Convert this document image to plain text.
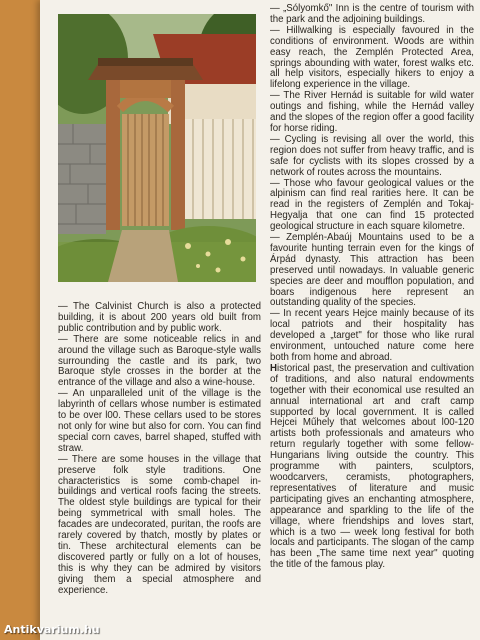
— The Calvinist Church is also a protected building, it is about 200 years old built from public contribution and by public work.

— There are some noticeable relics in and around the village such as Baroque-style walls surrounding the castle and its park, two Baroque style crosses in the border at the entrance of the village and also a wine-house.

— An unparalleled unit of the village is the labyrinth of cellars whose number is estimated to be over l00. These cellars used to be stores not only for wine but also for corn. You can find special corn caves, barrel shaped, stuffed with straw.

— There are some houses in the village that preserve folk style traditions. One characteristics is some comb-chapel in-buildings and vertical roofs facing the streets. The oldest style buildings are typical for their being symmetrical with small holes. The facades are undecorated, puritan, the roofs are rarely covered by thatch, mostly by plates or tin. These architectural elements can be discovered partly or fully on a lot of houses, this is why they can be admired by visitors giving them a special atmosphere and experience.

— „Sólyomkő" Inn is the centre of tourism with the park and the adjoining buildings.

— Hillwalking is especially favoured in the conditions of environment. Woods are within easy reach, the Zemplén Protected Area, springs abounding with water, forest walks etc. all help visitors, especially hikers to enjoy a lifelong experience in the village.

— The River Hernád is suitable for wild water outings and fishing, while the Hernád valley and the slopes of the region offer a good facility for horse riding.

— Cycling is revising all over the world, this region does not suffer from heavy traffic, and is safe for cyclists with its slopes crossed by a network of routes across the mountains.

— Those who favour geological values or the alpinism can find real rarities here. It can be read in the registers of Zemplén and Tokaj-Hegyalja that one can find 15 protected geological structure in each square kilometre.

— Zemplén-Abaúj Mountains used to be a favourite hunting terrain even for the kings of Árpád dynasty. This attraction has been preserved until nowadays. In valuable generic species are deer and moufflon population, and boars indigenous here represent an outstanding quality of the species.

— In recent years Hejce mainly because of its local patriots and their hospitality has developed a „target" for those who like rural environment, untouched nature come here both from home and abroad.

Historical past, the preservation and cultivation of traditions, and also natural endowments together with their economical use resulted an annual international art and craft camp supported by local government. It is called Hejcei Műhely that welcomes about l00-120 artists both professionals and amateurs who return regularly together with some fellow-Hungarians living outside the country. This programme with painters, sculptors, woodcarvers, ceramists, photographers, representatives of literature and music participating gives an enchanting atmosphere, appearance and sparkling to the life of the village, where friendships and loves start, which is a two — week long festival for both locals and participants. The slogan of the camp has been „The same time next year" quoting the title of the famous play.

Antikvarium.hu
